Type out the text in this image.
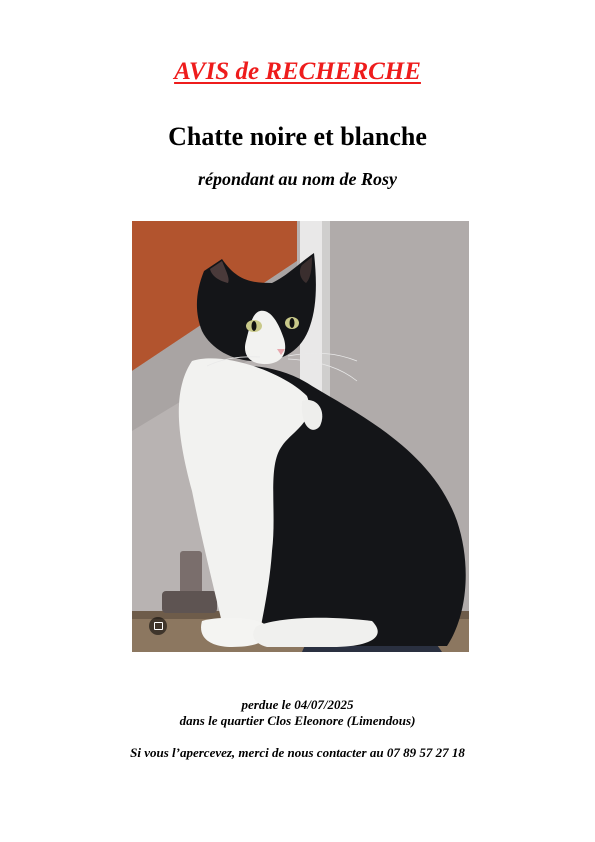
AVIS de RECHERCHE
Chatte noire et blanche
répondant au nom de Rosy
perdue le 04/07/2025
dans le quartier Clos Eleonore (Limendous)
Si vous l’apercevez, merci de nous contacter au 07 89 57 27 18
